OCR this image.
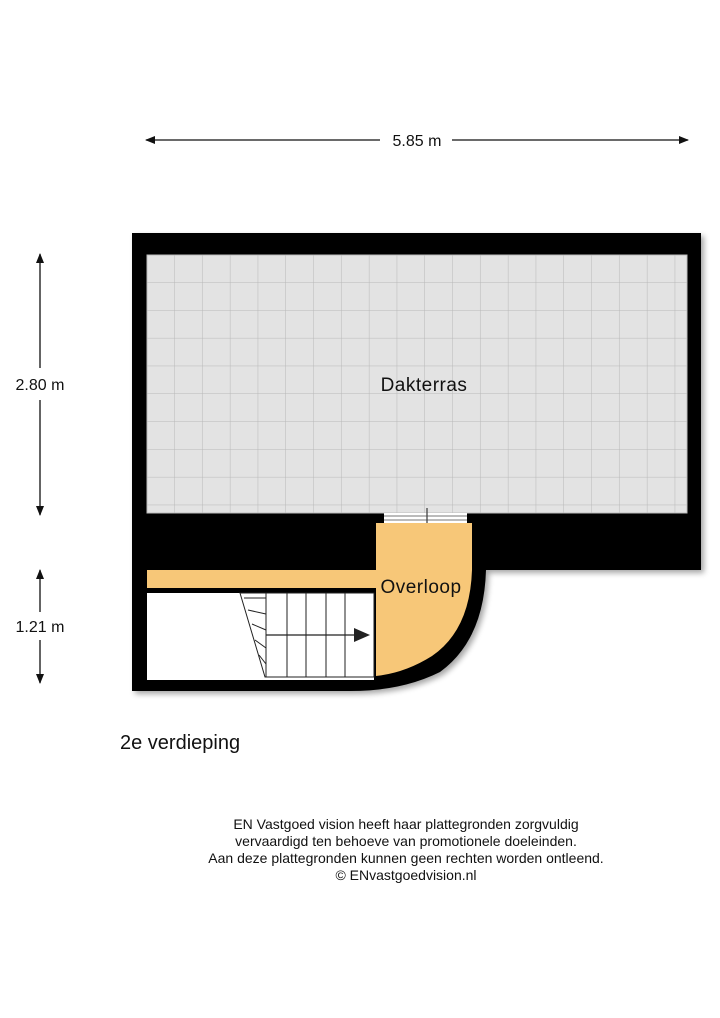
5.85 m
2.80 m
1.21 m
Dakterras
Overloop
2e verdieping
EN Vastgoed vision heeft haar plattegronden zorgvuldig
vervaardigd ten behoeve van promotionele doeleinden.
Aan deze plattegronden kunnen geen rechten worden ontleend.
© ENvastgoedvision.nl
